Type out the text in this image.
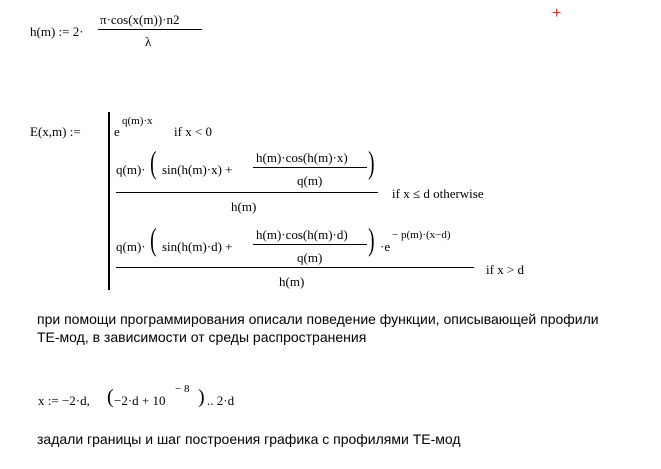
+
h(m) := 2·
π·cos(x(m))·n2
λ
E(x,m) :=	e
q(m)·x
if x < 0
q(m)· ( sin(h(m)·x) +
h(m)·cos(h(m)·x)
q(m)
)
h(m)
if x ≤ d otherwise
q(m)· ( sin(h(m)·d) +
h(m)·cos(h(m)·d)
q(m)
) ·e
− p(m)·(x−d)
h(m)
if x > d
при помощи программирования описали поведение функции, описывающей профили
ТЕ-мод, в зависимости от среды распространения
x := −2·d, ( −2·d + 10
− 8 ) .. 2·d
задали границы и шаг построения графика с профилями ТЕ-мод
